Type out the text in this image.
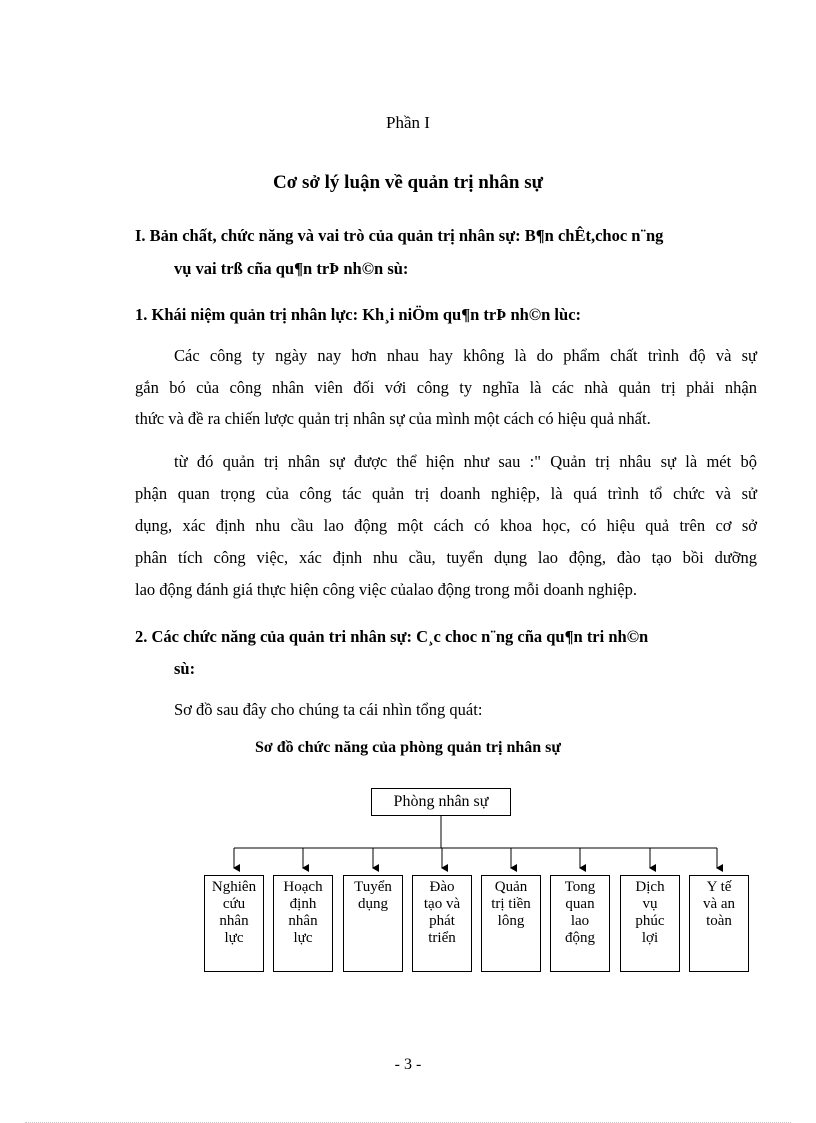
Phần I
Cơ sở lý luận về quản trị nhân sự
I. Bản chất, chức năng và vai trò của quản trị nhân sự: B¶n chÊt,choc n¨ng
vụ vai trß cña qu¶n trÞ nh©n sù:
1. Khái niệm quản trị nhân lực: Kh¸i niÖm qu¶n trÞ nh©n lùc:
Các công ty ngày nay hơn nhau hay không là do phẩm chất trình độ và sự
gắn bó của công nhân viên đối với công ty nghĩa là các nhà quản trị phải nhận
thức và đề ra chiến lược quản trị nhân sự của mình một cách có hiệu quả nhất.
từ đó quản trị nhân sự được thể hiện như sau :" Quản trị nhâu sự là mét bộ
phận quan trọng của công tác quản trị doanh nghiệp, là quá trình tổ chức và sử
dụng, xác định nhu cầu lao động một cách có khoa học, có hiệu quả trên cơ sở
phân tích công việc, xác định nhu cầu, tuyển dụng lao động, đào tạo bồi dưỡng
lao động đánh giá thực hiện công việc củalao động trong mỗi doanh nghiệp.
2. Các chức năng của quản tri nhân sự: C¸c choc n¨ng cña qu¶n tri nh©n
sù:
Sơ đồ sau đây cho chúng ta cái nhìn tổng quát:
Sơ đồ chức năng của phòng quản trị nhân sự
Phòng nhân sự
Nghiên
cứu
nhân
lực
Hoạch
định
nhân
lực
Tuyển
dụng
Đào
tạo và
phát
triển
Quản
trị tiền
lông
Tong
quan
lao
động
Dịch
vụ
phúc
lợi
Y tế
và an
toàn
- 3 -
